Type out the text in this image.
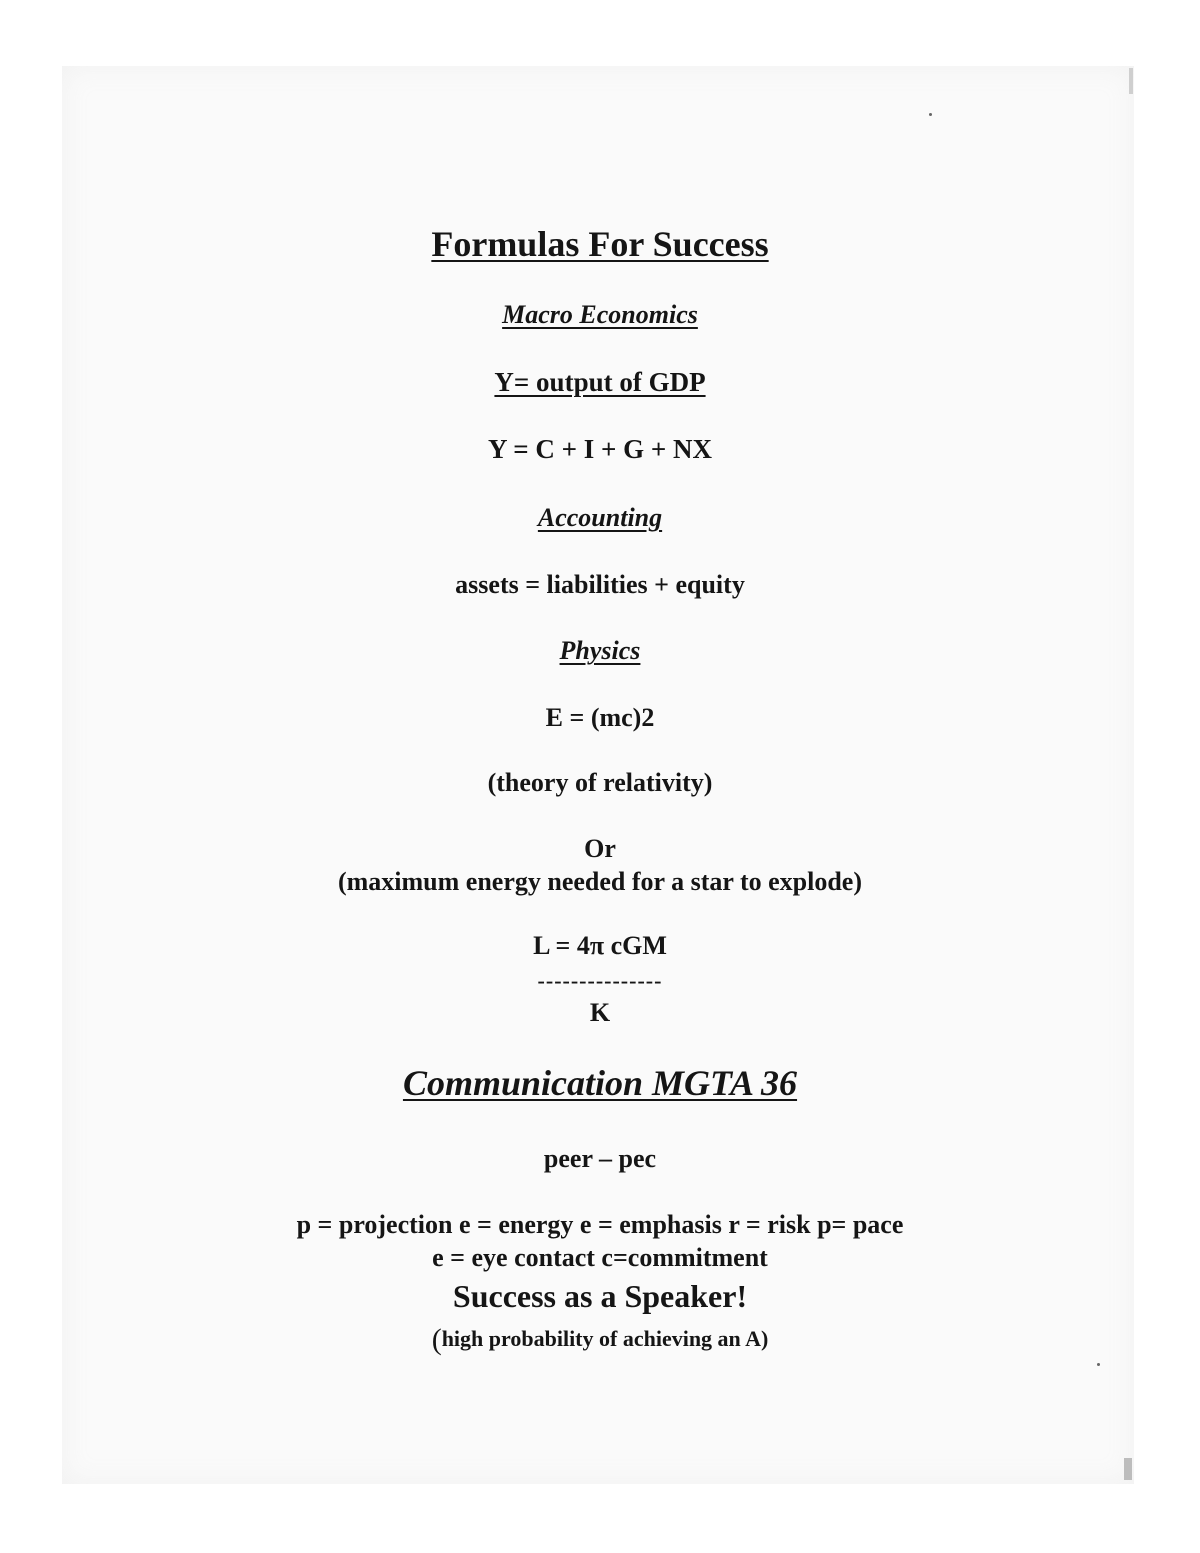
Formulas For Success
Macro Economics
Y= output of GDP
Y = C + I + G + NX
Accounting
assets = liabilities + equity
Physics
E = (mc)2
(theory of relativity)
Or
(maximum energy needed for a star to explode)
L = 4π cGM
---------------
K
Communication MGTA 36
peer – pec
p = projection e = energy e = emphasis r = risk p= pace
e = eye contact c=commitment
Success as a Speaker!
(high probability of achieving an A)
